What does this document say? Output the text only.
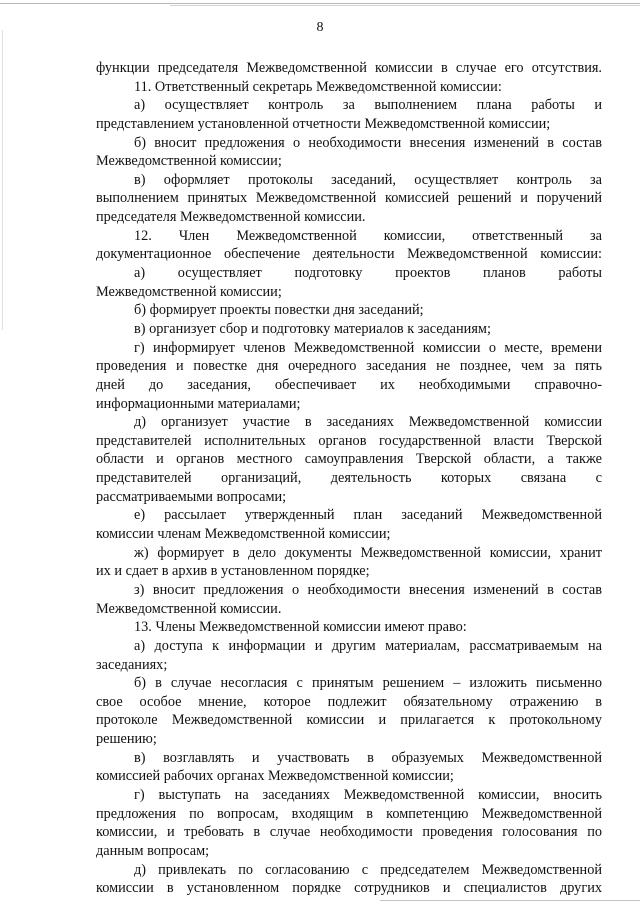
8
функции председателя Межведомственной комиссии в случае его отсутствия.
11. Ответственный секретарь Межведомственной комиссии:
а) осуществляет контроль за выполнением плана работы и
представлением установленной отчетности Межведомственной комиссии;
б) вносит предложения о необходимости внесения изменений в состав
Межведомственной комиссии;
в) оформляет протоколы заседаний, осуществляет контроль за
выполнением принятых Межведомственной комиссией решений и поручений
председателя Межведомственной комиссии.
12. Член Межведомственной комиссии, ответственный за
документационное обеспечение деятельности Межведомственной комиссии:
а) осуществляет подготовку проектов планов работы
Межведомственной комиссии;
б) формирует проекты повестки дня заседаний;
в) организует сбор и подготовку материалов к заседаниям;
г) информирует членов Межведомственной комиссии о месте, времени
проведения и повестке дня очередного заседания не позднее, чем за пять
дней до заседания, обеспечивает их необходимыми справочно-
информационными материалами;
д) организует участие в заседаниях Межведомственной комиссии
представителей исполнительных органов государственной власти Тверской
области и органов местного самоуправления Тверской области, а также
представителей организаций, деятельность которых связана с
рассматриваемыми вопросами;
е) рассылает утвержденный план заседаний Межведомственной
комиссии членам Межведомственной комиссии;
ж) формирует в дело документы Межведомственной комиссии, хранит
их и сдает в архив в установленном порядке;
з) вносит предложения о необходимости внесения изменений в состав
Межведомственной комиссии.
13. Члены Межведомственной комиссии имеют право:
а) доступа к информации и другим материалам, рассматриваемым на
заседаниях;
б) в случае несогласия с принятым решением – изложить письменно
свое особое мнение, которое подлежит обязательному отражению в
протоколе Межведомственной комиссии и прилагается к протокольному
решению;
в) возглавлять и участвовать в образуемых Межведомственной
комиссией рабочих органах Межведомственной комиссии;
г) выступать на заседаниях Межведомственной комиссии, вносить
предложения по вопросам, входящим в компетенцию Межведомственной
комиссии, и требовать в случае необходимости проведения голосования по
данным вопросам;
д) привлекать по согласованию с председателем Межведомственной
комиссии в установленном порядке сотрудников и специалистов других
